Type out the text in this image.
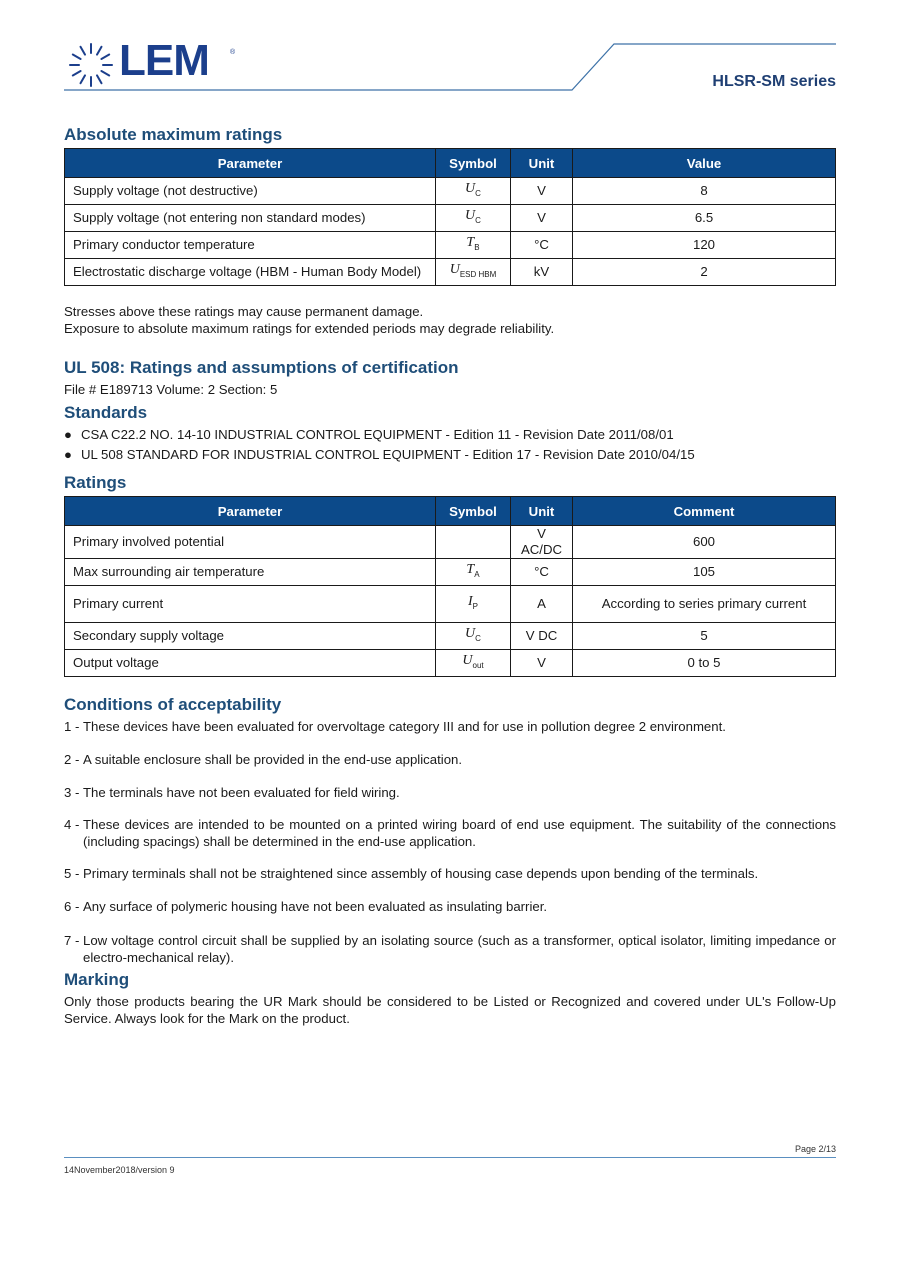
LEM	®
HLSR-SM series
Absolute maximum ratings
Parameter	Symbol	Unit	Value
Supply voltage (not destructive)	$U_C$	V	8
Supply voltage (not entering non standard modes)	$U_C$	V	6.5
Primary conductor temperature	$T_B$	°C	120
Electrostatic discharge voltage (HBM - Human Body Model)	$U_{ESD HBM}$	kV	2
Stresses above these ratings may cause permanent damage.
Exposure to absolute maximum ratings for extended periods may degrade reliability.
UL 508: Ratings and assumptions of certification
File # E189713 Volume: 2 Section: 5
Standards
● CSA C22.2 NO. 14-10 INDUSTRIAL CONTROL EQUIPMENT - Edition 11 - Revision Date 2011/08/01
● UL 508 STANDARD FOR INDUSTRIAL CONTROL EQUIPMENT - Edition 17 - Revision Date 2010/04/15
Ratings
Parameter	Symbol	Unit	Comment
Primary involved potential		V AC/DC	600
Max surrounding air temperature	$T_A$	°C	105
Primary current	$I_P$	A	According to series primary current
Secondary supply voltage	$U_C$	V DC	5
Output voltage	$U_{out}$	V	0 to 5
Conditions of acceptability
1 - These devices have been evaluated for overvoltage category III and for use in pollution degree 2 environment.
2 - A suitable enclosure shall be provided in the end-use application.
3 - The terminals have not been evaluated for field wiring.
4 - These devices are intended to be mounted on a printed wiring board of end use equipment. The suitability of the connections (including spacings) shall be determined in the end-use application.
5 - Primary terminals shall not be straightened since assembly of housing case depends upon bending of the terminals.
6 - Any surface of polymeric housing have not been evaluated as insulating barrier.
7 - Low voltage control circuit shall be supplied by an isolating source (such as a transformer, optical isolator, limiting impedance or electro-mechanical relay).
Marking
Only those products bearing the UR Mark should be considered to be Listed or Recognized and covered under UL's Follow-Up Service. Always look for the Mark on the product.
Page 2/13
14November2018/version 9
